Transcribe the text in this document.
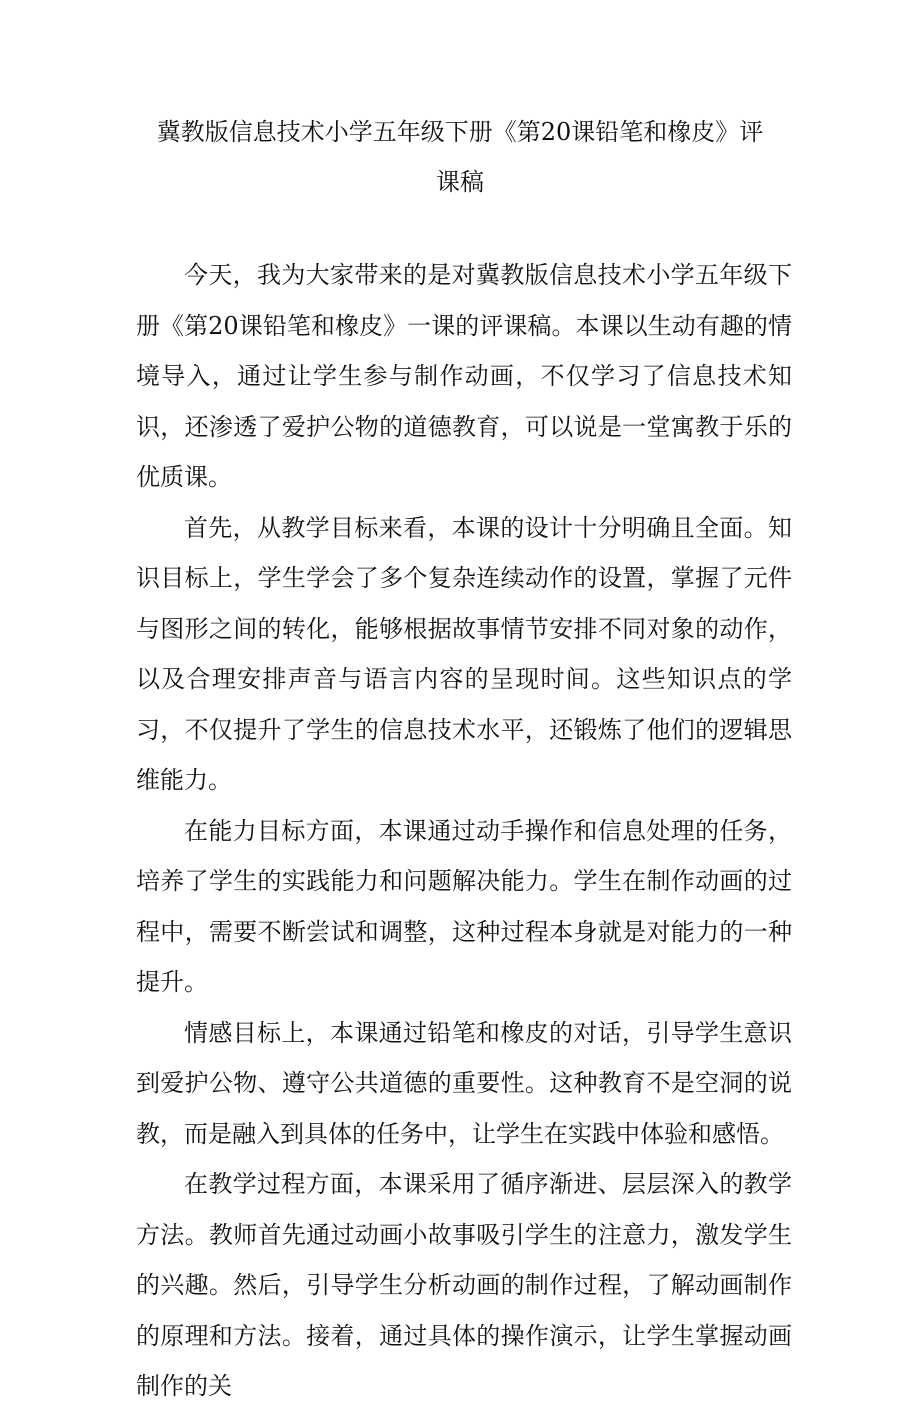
冀教版信息技术小学五年级下册《第20课铅笔和橡皮》评
课稿

今天，我为大家带来的是对冀教版信息技术小学五年级下册《第20课铅笔和橡皮》一课的评课稿。本课以生动有趣的情境导入，通过让学生参与制作动画，不仅学习了信息技术知识，还渗透了爱护公物的道德教育，可以说是一堂寓教于乐的优质课。

首先，从教学目标来看，本课的设计十分明确且全面。知识目标上，学生学会了多个复杂连续动作的设置，掌握了元件与图形之间的转化，能够根据故事情节安排不同对象的动作，以及合理安排声音与语言内容的呈现时间。这些知识点的学习，不仅提升了学生的信息技术水平，还锻炼了他们的逻辑思维能力。

在能力目标方面，本课通过动手操作和信息处理的任务，培养了学生的实践能力和问题解决能力。学生在制作动画的过程中，需要不断尝试和调整，这种过程本身就是对能力的一种提升。

情感目标上，本课通过铅笔和橡皮的对话，引导学生意识到爱护公物、遵守公共道德的重要性。这种教育不是空洞的说教，而是融入到具体的任务中，让学生在实践中体验和感悟。

在教学过程方面，本课采用了循序渐进、层层深入的教学方法。教师首先通过动画小故事吸引学生的注意力，激发学生的兴趣。然后，引导学生分析动画的制作过程，了解动画制作的原理和方法。接着，通过具体的操作演示，让学生掌握动画制作的关
